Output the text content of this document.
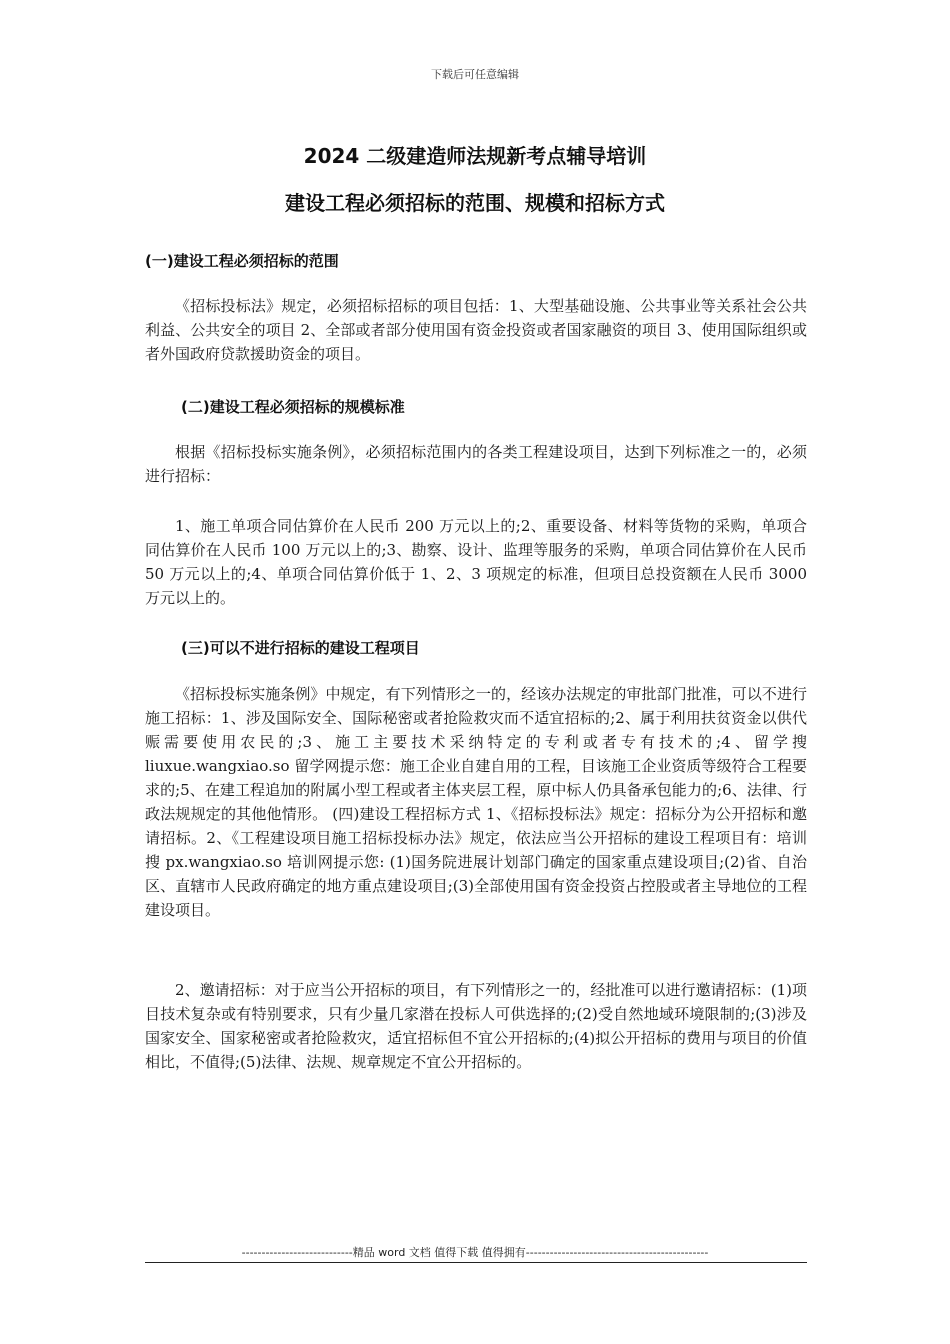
下载后可任意编辑
2024 二级建造师法规新考点辅导培训
建设工程必须招标的范围、规模和招标方式
(一)建设工程必须招标的范围

《招标投标法》规定，必须招标招标的项目包括：1、大型基础设施、公共事业等关系社会公共利益、公共安全的项目 2、全部或者部分使用国有资金投资或者国家融资的项目 3、使用国际组织或者外国政府贷款援助资金的项目。

(二)建设工程必须招标的规模标准

根据《招标投标实施条例》，必须招标范围内的各类工程建设项目，达到下列标准之一的，必须进行招标：

1、施工单项合同估算价在人民币 200 万元以上的;2、重要设备、材料等货物的采购，单项合同估算价在人民币 100 万元以上的;3、勘察、设计、监理等服务的采购，单项合同估算价在人民币 50 万元以上的;4、单项合同估算价低于 1、2、3 项规定的标准，但项目总投资额在人民币 3000 万元以上的。

(三)可以不进行招标的建设工程项目

《招标投标实施条例》中规定，有下列情形之一的，经该办法规定的审批部门批准，可以不进行施工招标：1、涉及国际安全、国际秘密或者抢险救灾而不适宜招标的;2、属于利用扶贫资金以供代赈需要使用农民的;3、施工主要技术采纳特定的专利或者专有技术的;4、留学搜 liuxue.wangxiao.so 留学网提示您：施工企业自建自用的工程，目该施工企业资质等级符合工程要求的;5、在建工程追加的附属小型工程或者主体夹层工程，原中标人仍具备承包能力的;6、法律、行政法规规定的其他他情形。 (四)建设工程招标方式 1、《招标投标法》规定：招标分为公开招标和邀请招标。2、《工程建设项目施工招标投标办法》规定，依法应当公开招标的建设工程项目有：培训搜 px.wangxiao.so 培训网提示您: (1)国务院进展计划部门确定的国家重点建设项目;(2)省、自治区、直辖市人民政府确定的地方重点建设项目;(3)全部使用国有资金投资占控股或者主导地位的工程建设项目。

2、邀请招标：对于应当公开招标的项目，有下列情形之一的，经批准可以进行邀请招标：(1)项目技术复杂或有特别要求，只有少量几家潜在投标人可供选择的;(2)受自然地域环境限制的;(3)涉及国家安全、国家秘密或者抢险救灾，适宜招标但不宜公开招标的;(4)拟公开招标的费用与项目的价值相比，不值得;(5)法律、法规、规章规定不宜公开招标的。

----------------------------精品 word 文档 值得下载 值得拥有----------------------------------------------
